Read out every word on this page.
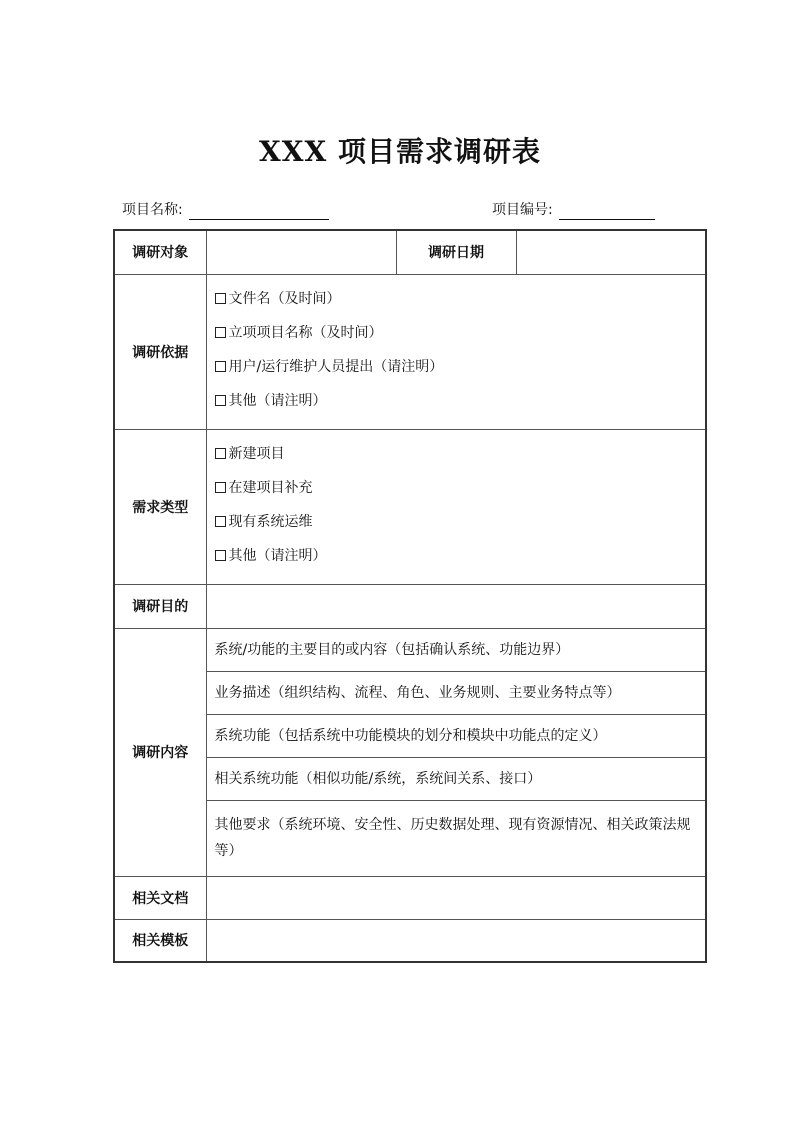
XXX 项目需求调研表
项目名称:	项目编号:
调研对象		调研日期	
调研依据	文件名（及时间）
立项项目名称（及时间）
用户/运行维护人员提出（请注明）
其他（请注明）		

需求类型	新建项目
在建项目补充
现有系统运维
其他（请注明）		

调研目的			
调研内容	系统/功能的主要目的或内容（包括确认系统、功能边界）
业务描述（组织结构、流程、角色、业务规则、主要业务特点等）
系统功能（包括系统中功能模块的划分和模块中功能点的定义）
相关系统功能（相似功能/系统，系统间关系、接口）
其他要求（系统环境、安全性、历史数据处理、现有资源情况、相关政策法规等）		

相关文档			
相关模板			
